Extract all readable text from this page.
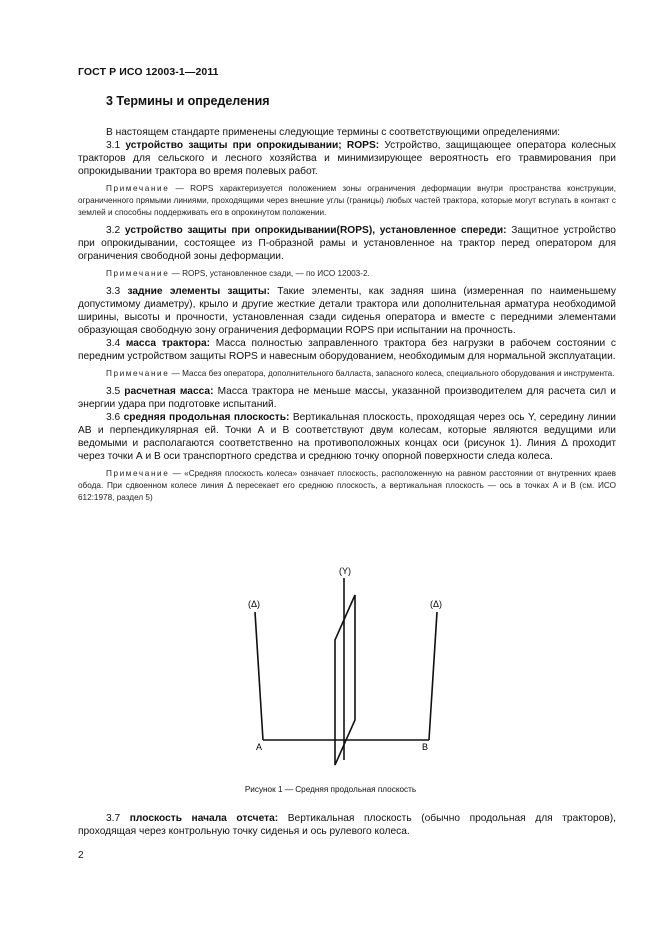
ГОСТ Р ИСО 12003-1—2011
3 Термины и определения

В настоящем стандарте применены следующие термины с соответствующими определениями:

3.1 устройство защиты при опрокидывании; ROPS: Устройство, защищающее оператора колесных тракторов для сельского и лесного хозяйства и минимизирующее вероятность его травмирования при опрокидывании трактора во время полевых работ.

Примечание — ROPS характеризуется положением зоны ограничения деформации внутри пространства конструкции, ограниченного прямыми линиями, проходящими через внешние углы (границы) любых частей трактора, которые могут вступать в контакт с землей и способны поддерживать его в опрокинутом положении.

3.2 устройство защиты при опрокидывании(ROPS), установленное спереди: Защитное устройство при опрокидывании, состоящее из П-образной рамы и установленное на трактор перед оператором для ограничения свободной зоны деформации.

Примечание — ROPS, установленное сзади, — по ИСО 12003-2.

3.3 задние элементы защиты: Такие элементы, как задняя шина (измеренная по наименьшему допустимому диаметру), крыло и другие жесткие детали трактора или дополнительная арматура необходимой ширины, высоты и прочности, установленная сзади сиденья оператора и вместе с передними элементами образующая свободную зону ограничения деформации ROPS при испытании на прочность.

3.4 масса трактора: Масса полностью заправленного трактора без нагрузки в рабочем состоянии с передним устройством защиты ROPS и навесным оборудованием, необходимым для нормальной эксплуатации.

Примечание — Масса без оператора, дополнительного балласта, запасного колеса, специального оборудования и инструмента.

3.5 расчетная масса: Масса трактора не меньше массы, указанной производителем для расчета сил и энергии удара при подготовке испытаний.

3.6 средняя продольная плоскость: Вертикальная плоскость, проходящая через ось Y, середину линии АВ и перпендикулярная ей. Точки А и В соответствуют двум колесам, которые являются ведущими или ведомыми и располагаются соответственно на противоположных концах оси (рисунок 1). Линия Δ проходит через точки А и В оси транспортного средства и среднюю точку опорной поверхности следа колеса.

Примечание — «Средняя плоскость колеса» означает плоскость, расположенную на равном расстоянии от внутренних краев обода. При сдвоенном колесе линия Δ пересекает его среднюю плоскость, а вертикальная плоскость — ось в точках А и В (см. ИСО 612:1978, раздел 5)

(Y)
(Δ)	(Δ)
A	B
Рисунок 1 — Средняя продольная плоскость

3.7 плоскость начала отсчета: Вертикальная плоскость (обычно продольная для тракторов), проходящая через контрольную точку сиденья и ось рулевого колеса.

2
